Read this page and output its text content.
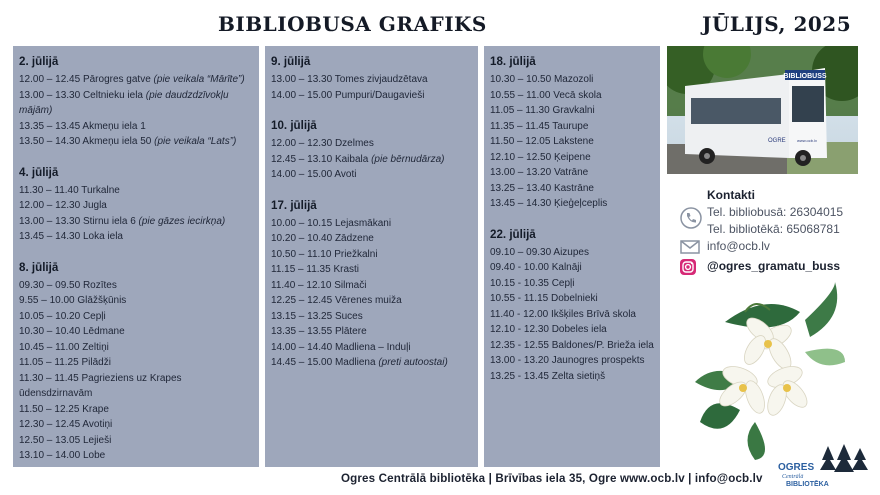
BIBLIOBUSA GRAFIKS	JŪLIJS, 2025
2. jūlijā
12.00 – 12.45 Pārogres gatve (pie veikala “Mārīte”)
13.00 – 13.30 Celtnieku iela (pie daudzdzīvokļu mājām)
13.35 – 13.45 Akmeņu iela 1
13.50 – 14.30 Akmeņu iela 50 (pie veikala “Lats”)
4. jūlijā
11.30 – 11.40 Turkalne
12.00 – 12.30 Jugla
13.00 – 13.30 Stirnu iela 6 (pie gāzes iecirkņa)
13.45 – 14.30 Loka iela
8. jūlijā
09.30 – 09.50 Rozītes
9.55 – 10.00 Glāžšķūnis
10.05 – 10.20 Cepļi
10.30 – 10.40 Lēdmane
10.45 – 11.00 Zeltiņi
11.05 – 11.25 Pilādži
11.30 – 11.45 Pagrieziens uz Krapes ūdensdzirnavām
11.50 – 12.25 Krape
12.30 – 12.45 Avotiņi
12.50 – 13.05 Lejieši
13.10 – 14.00 Lobe
9. jūlijā
13.00 – 13.30 Tomes zivjaudzētava
14.00 – 15.00 Pumpuri/Daugavieši
10. jūlijā
12.00 – 12.30 Dzelmes
12.45 – 13.10 Kaibala (pie bērnudārza)
14.00 – 15.00 Avoti
17. jūlijā
10.00 – 10.15 Lejasmākani
10.20 – 10.40 Zādzene
10.50 – 11.10 Priežkalni
11.15 – 11.35 Krasti
11.40 – 12.10 Silmači
12.25 – 12.45 Vērenes muiža
13.15 – 13.25 Suces
13.35 – 13.55 Plātere
14.00 – 14.40 Madliena – Induļi
14.45 – 15.00 Madliena (preti autoostai)
18. jūlijā
10.30 – 10.50 Mazozoli
10.55 – 11.00 Vecā skola
11.05 – 11.30 Gravkalni
11.35 – 11.45 Taurupe
11.50 – 12.05 Lakstene
12.10 – 12.50 Ķeipene
13.00 – 13.20 Vatrāne
13.25 – 13.40 Kastrāne
13.45 – 14.30 Ķieģeļceplis
22. jūlijā
09.10 – 09.30 Aizupes
09.40 - 10.00 Kalnāji
10.15 - 10.35 Cepļi
10.55 - 11.15 Dobelnieki
11.40 - 12.00 Ikšķiles Brīvā skola
12.10 - 12.30 Dobeles iela
12.35 - 12.55 Baldones/P. Brieža iela
13.00 - 13.20 Jaunogres prospekts
13.25 - 13.45 Zelta sietiņš
BIBLIOBUSS
OGRE	www.ocb.lv
Kontakti
Tel. bibliobusā: 26304015
Tel. bibliotēkā: 65068781
info@ocb.lv
@ogres_gramatu_buss
Ogres Centrālā bibliotēka | Brīvības iela 35, Ogre www.ocb.lv | info@ocb.lv
OGRES
Centrālā
BIBLIOTĒKA
